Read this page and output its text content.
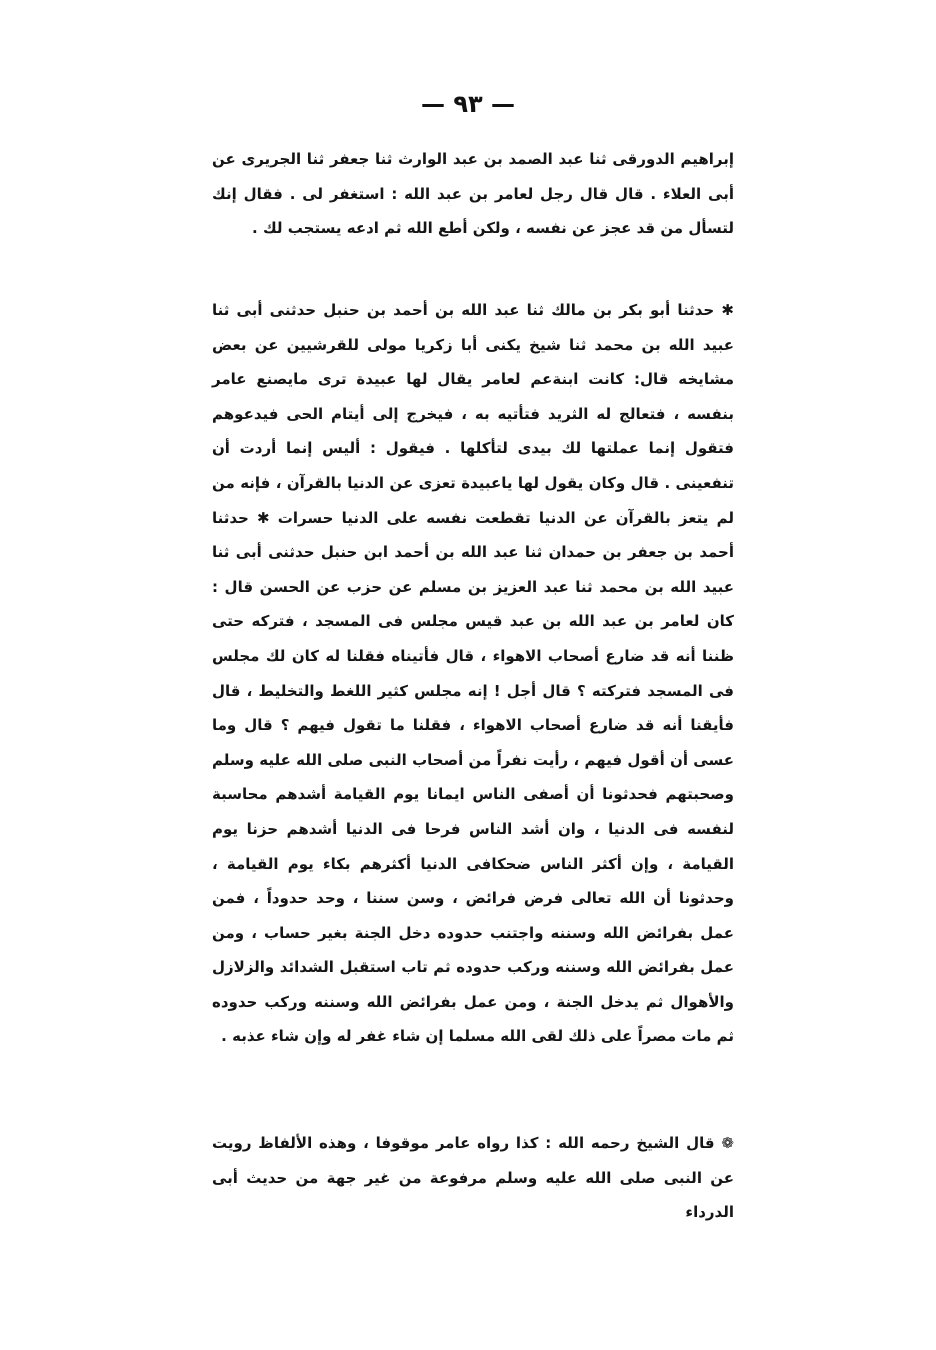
— ٩٣ —
إبراهيم الدورقى ثنا عبد الصمد بن عبد الوارث ثنا جعفر ثنا الجريرى عن أبى العلاء . قال قال رجل لعامر بن عبد الله : استغفر لى . فقال إنك لتسأل من قد عجز عن نفسه ، ولكن أطع الله ثم ادعه يستجب لك .
✱ حدثنا أبو بكر بن مالك ثنا عبد الله بن أحمد بن حنبل حدثنى أبى ثنا عبيد الله بن محمد ثنا شيخ يكنى أبا زكريا مولى للقرشيين عن بعض مشايخه قال: كانت ابنةعم لعامر يقال لها عبيدة ترى مايصنع عامر بنفسه ، فتعالج له الثريد فتأتيه به ، فيخرج إلى أيتام الحى فيدعوهم فتقول إنما عملتها لك بيدى لتأكلها . فيقول : أليس إنما أردت أن تنفعينى . قال وكان يقول لها ياعبيدة تعزى عن الدنيا بالقرآن ، فإنه من لم يتعز بالقرآن عن الدنيا تقطعت نفسه على الدنيا حسرات ✱ حدثنا أحمد بن جعفر بن حمدان ثنا عبد الله بن أحمد ابن حنبل حدثنى أبى ثنا عبيد الله بن محمد ثنا عبد العزيز بن مسلم عن حزب عن الحسن قال : كان لعامر بن عبد الله بن عبد قيس مجلس فى المسجد ، فتركه حتى ظننا أنه قد ضارع أصحاب الاهواء ، قال فأتيناه فقلنا له كان لك مجلس فى المسجد فتركته ؟ قال أجل ! إنه مجلس كثير اللغط والتخليط ، قال فأيقنا أنه قد ضارع أصحاب الاهواء ، فقلنا ما تقول فيهم ؟ قال وما عسى أن أقول فيهم ، رأيت نفراً من أصحاب النبى صلى الله عليه وسلم وصحبتهم فحدثونا أن أصفى الناس ايمانا يوم القيامة أشدهم محاسبة لنفسه فى الدنيا ، وان أشد الناس فرحا فى الدنيا أشدهم حزنا يوم القيامة ، وإن أكثر الناس ضحكافى الدنيا أكثرهم بكاء يوم القيامة ، وحدثونا أن الله تعالى فرض فرائض ، وسن سننا ، وحد حدوداً ، فمن عمل بفرائض الله وسننه واجتنب حدوده دخل الجنة بغير حساب ، ومن عمل بفرائض الله وسننه وركب حدوده ثم تاب استقبل الشدائد والزلازل والأهوال ثم يدخل الجنة ، ومن عمل بفرائض الله وسننه وركب حدوده ثم مات مصراً على ذلك لقى الله مسلما إن شاء غفر له وإن شاء عذبه .
❁ قال الشيخ رحمه الله : كذا رواه عامر موقوفا ، وهذه الألفاظ رويت عن النبى صلى الله عليه وسلم مرفوعة من غير جهة من حديث أبى الدرداء
